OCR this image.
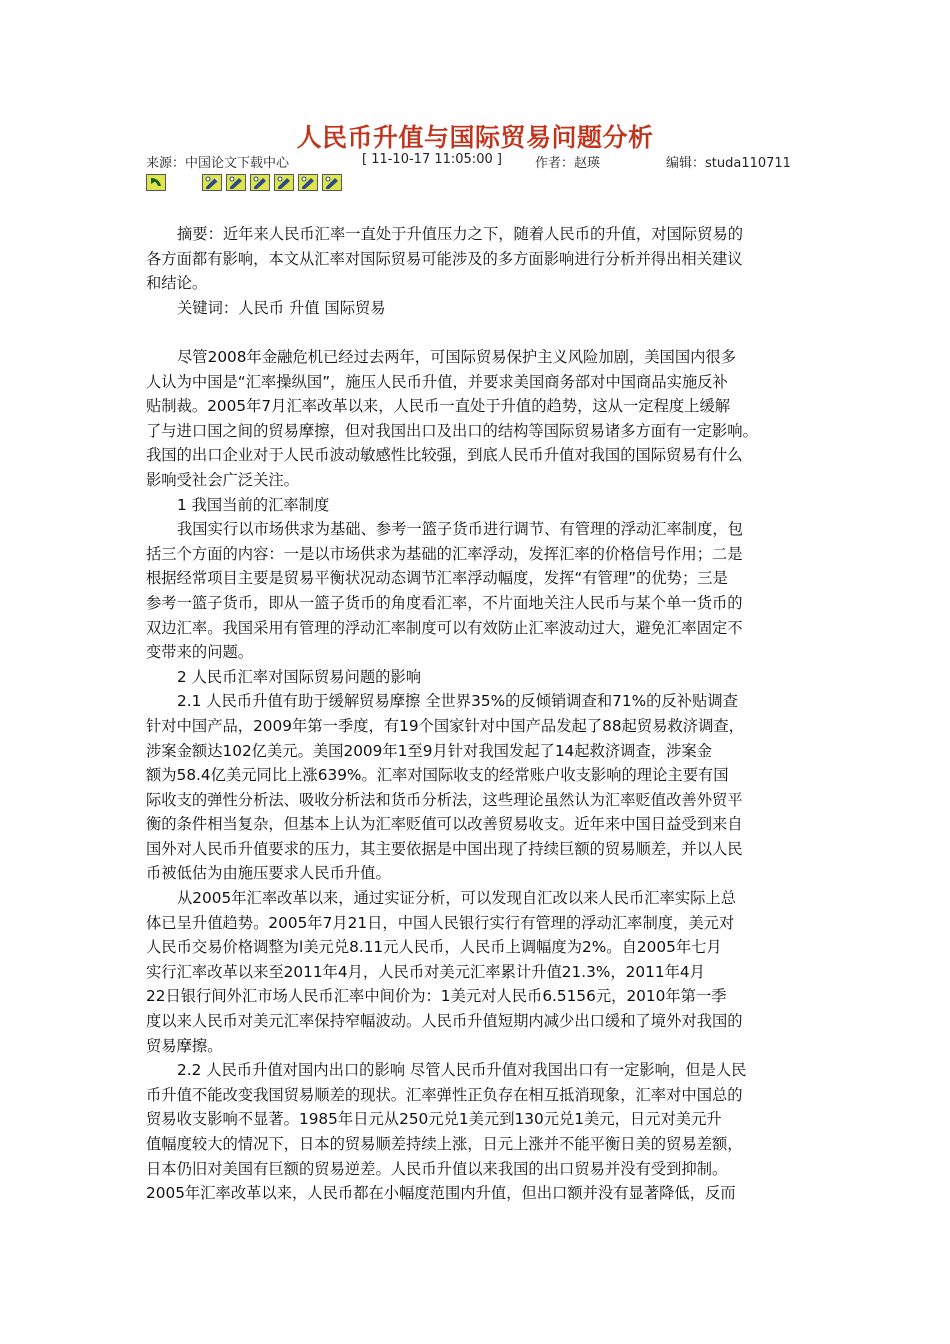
人民币升值与国际贸易问题分析
来源：中国论文下载中心	[ 11-10-17 11:05:00 ]	作者：赵瑛	编辑：studa110711
摘要：近年来人民币汇率一直处于升值压力之下，随着人民币的升值，对国际贸易的
各方面都有影响，本文从汇率对国际贸易可能涉及的多方面影响进行分析并得出相关建议
和结论。
关键词：人民币 升值 国际贸易
尽管2008年金融危机已经过去两年，可国际贸易保护主义风险加剧，美国国内很多
人认为中国是“汇率操纵国”，施压人民币升值，并要求美国商务部对中国商品实施反补
贴制裁。2005年7月汇率改革以来，人民币一直处于升值的趋势，这从一定程度上缓解
了与进口国之间的贸易摩擦，但对我国出口及出口的结构等国际贸易诸多方面有一定影响。
我国的出口企业对于人民币波动敏感性比较强，到底人民币升值对我国的国际贸易有什么
影响受社会广泛关注。
1 我国当前的汇率制度
我国实行以市场供求为基础、参考一篮子货币进行调节、有管理的浮动汇率制度，包
括三个方面的内容：一是以市场供求为基础的汇率浮动，发挥汇率的价格信号作用；二是
根据经常项目主要是贸易平衡状况动态调节汇率浮动幅度，发挥“有管理”的优势；三是
参考一篮子货币，即从一篮子货币的角度看汇率，不片面地关注人民币与某个单一货币的
双边汇率。我国采用有管理的浮动汇率制度可以有效防止汇率波动过大，避免汇率固定不
变带来的问题。
2 人民币汇率对国际贸易问题的影响
2.1 人民币升值有助于缓解贸易摩擦 全世界35%的反倾销调查和71%的反补贴调查
针对中国产品，2009年第一季度，有19个国家针对中国产品发起了88起贸易救济调查，
涉案金额达102亿美元。美国2009年1至9月针对我国发起了14起救济调查，涉案金
额为58.4亿美元同比上涨639%。汇率对国际收支的经常账户收支影响的理论主要有国
际收支的弹性分析法、吸收分析法和货币分析法，这些理论虽然认为汇率贬值改善外贸平
衡的条件相当复杂，但基本上认为汇率贬值可以改善贸易收支。近年来中国日益受到来自
国外对人民币升值要求的压力，其主要依据是中国出现了持续巨额的贸易顺差，并以人民
币被低估为由施压要求人民币升值。
从2005年汇率改革以来，通过实证分析，可以发现自汇改以来人民币汇率实际上总
体已呈升值趋势。2005年7月21日，中国人民银行实行有管理的浮动汇率制度，美元对
人民币交易价格调整为l美元兑8.11元人民币，人民币上调幅度为2%。自2005年七月
实行汇率改革以来至2011年4月，人民币对美元汇率累计升值21.3%，2011年4月
22日银行间外汇市场人民币汇率中间价为：1美元对人民币6.5156元，2010年第一季
度以来人民币对美元汇率保持窄幅波动。人民币升值短期内减少出口缓和了境外对我国的
贸易摩擦。
2.2 人民币升值对国内出口的影响 尽管人民币升值对我国出口有一定影响，但是人民
币升值不能改变我国贸易顺差的现状。汇率弹性正负存在相互抵消现象，汇率对中国总的
贸易收支影响不显著。1985年日元从250元兑1美元到130元兑1美元，日元对美元升
值幅度较大的情况下，日本的贸易顺差持续上涨，日元上涨并不能平衡日美的贸易差额，
日本仍旧对美国有巨额的贸易逆差。人民币升值以来我国的出口贸易并没有受到抑制。
2005年汇率改革以来，人民币都在小幅度范围内升值，但出口额并没有显著降低，反而
